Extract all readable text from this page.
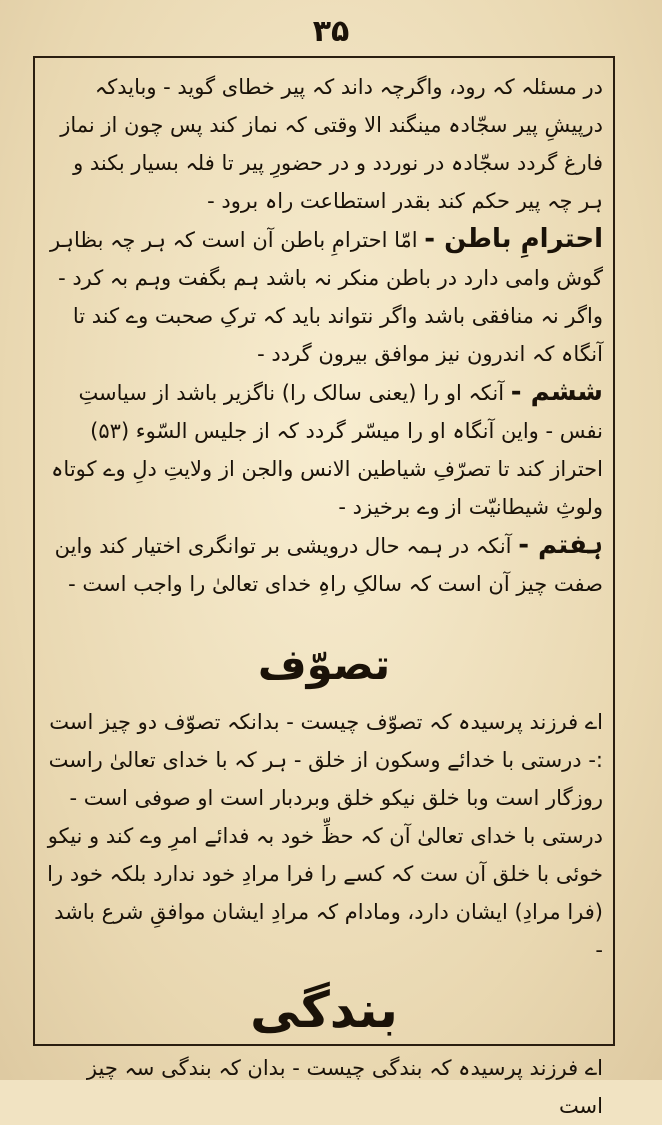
۳۵

در مسئلہ کہ رود، واگرچہ داند کہ پیر خطای گوید - وبایدکہ درپیشِ پیر سجّادہ مینگند الا وقتی کہ نماز کند پس چون از نماز فارغ گردد سجّادہ در نوردد و در حضورِ پیر تا فلہ بسیار بکند و ہر چہ پیر حکم کند بقدر استطاعت راہ برود -

احترامِ باطن - امّا احترامِ باطن آن است کہ ہر چہ بظاہر گوش وامی دارد در باطن منکر نہ باشد ہم بگفت وہم بہ کرد - واگر نہ منافقی باشد واگر نتواند باید کہ ترکِ صحبت وے کند تا آنگاہ کہ اندرون نیز موافق بیرون گردد -

ششم - آنکہ او را (یعنی سالک را) ناگزیر باشد از سیاستِ نفس - واین آنگاہ او را میسّر گردد کہ از جلیس السّوء (۵۳) احتراز کند تا تصرّفِ شیاطین الانس والجن از ولایتِ دلِ وے کوتاہ ولوثِ شیطانیّت از وے برخیزد -

ہفتم - آنکہ در ہمہ حال درویشی بر توانگری اختیار کند واین صفت چیز آن است کہ سالکِ راہِ خدای تعالیٰ را واجب است -

تصوّف

اے فرزند پرسیدہ کہ تصوّف چیست - بدانکہ تصوّف دو چیز است :- درستی با خدائے وسکون از خلق - ہر کہ با خدای تعالیٰ راست روزگار است وبا خلق نیکو خلق وبردبار است او صوفی است - درستی با خدای تعالیٰ آن کہ حظِّ خود بہ فدائے امرِ وے کند و نیکو خوئی با خلق آن ست کہ کسے را فرا مرادِ خود ندارد بلکہ خود را (فرا مرادِ) ایشان دارد، ومادام کہ مرادِ ایشان موافقِ شرع باشد -

بندگی

اے فرزند پرسیدہ کہ بندگی چیست - بدان کہ بندگی سہ چیز است
